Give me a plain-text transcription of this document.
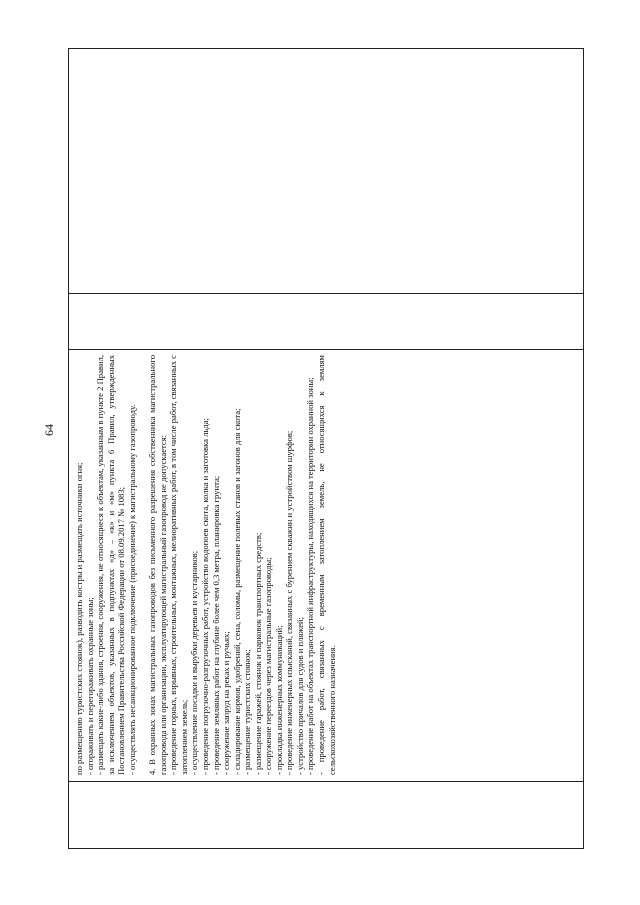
64

по размещению туристских стоянок), разводить костры и размещать источники огня; - огораживать и перегораживать охранные зоны; - размещать какие-либо здания, строения, сооружения, не относящиеся к объектам, указанным в пункте 2 Правил, за исключением объектов, указанных в подпунктах «д» – «к» и «м» пункта 6 Правил, утвержденных Постановлением Правительства Российской Федерации от 08.09.2017 № 1083; - осуществлять несанкционированное подключение (присоединение) к магистральному газопроводу. 4. В охранных зонах магистральных газопроводов без письменного разрешения собственника магистрального газопровода или организации, эксплуатирующей магистральный газопровод не допускается: - проведение горных, взрывных, строительных, монтажных, мелиоративных работ, в том числе работ, связанных с затоплением земель; - осуществление посадки и вырубки деревьев и кустарников; - проведение погрузочно-разгрузочных работ, устройство водопоев скота, колка и заготовка льда; - проведение земляных работ на глубине более чем 0,3 метра, планировка грунта; - сооружение запруд на реках и ручьях; - складирование кормов, удобрений, сена, соломы, размещение полевых станов и загонов для скота; - размещение туристских стоянок; - размещение гаражей, стоянок и парковок транспортных средств; - сооружение переездов через магистральные газопроводы; - прокладка инженерных коммуникаций; - проведение инженерных изысканий, связанных с бурением скважин и устройством шурфов; - устройство причалов для судов и пляжей; - проведение работ на объектах транспортной инфраструктуры, находящихся на территории охранной зоны; - проведение работ, связанных с временным затоплением земель, не относящихся к землям сельскохозяйственного назначения.
